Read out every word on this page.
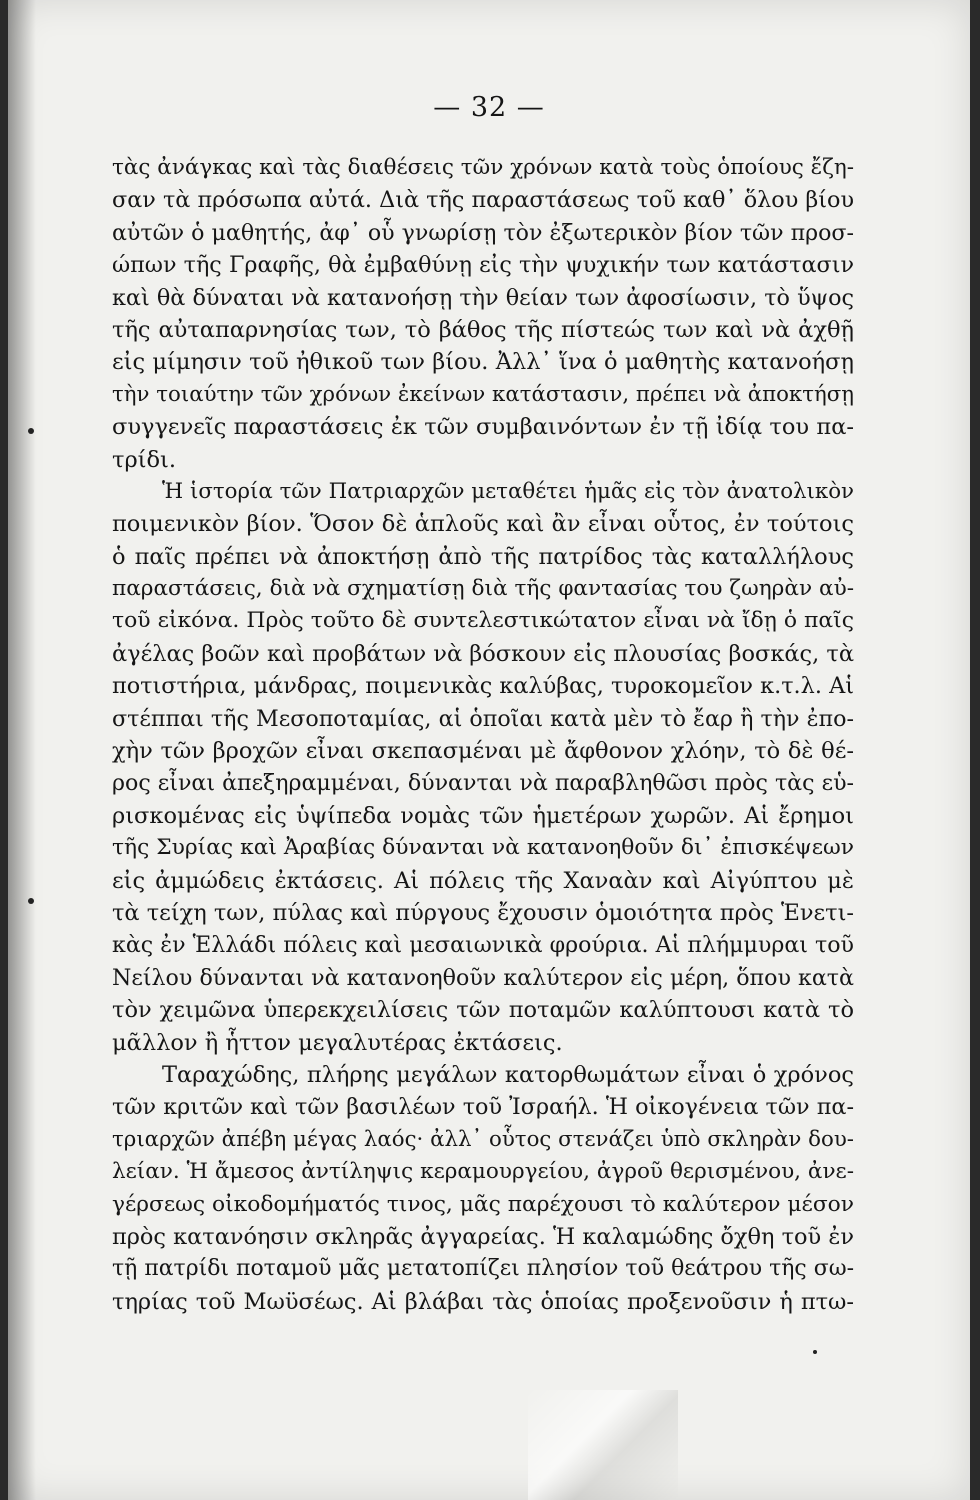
— 32 —
τὰς ἀνάγκας καὶ τὰς διαθέσεις τῶν χρόνων κατὰ τοὺς ὁποίους ἔζη-
σαν τὰ πρόσωπα αὐτά. Διὰ τῆς παραστάσεως τοῦ καθ᾽ ὅλου βίου
αὐτῶν ὁ μαθητής, ἀφ᾽ οὗ γνωρίσῃ τὸν ἐξωτερικὸν βίον τῶν προσ-
ώπων τῆς Γραφῆς, θὰ ἐμβαθύνῃ εἰς τὴν ψυχικήν των κατάστασιν
καὶ θὰ δύναται νὰ κατανοήσῃ τὴν θείαν των ἀφοσίωσιν, τὸ ὕψος
τῆς αὐταπαρνησίας των, τὸ βάθος τῆς πίστεώς των καὶ νὰ ἀχθῇ
εἰς μίμησιν τοῦ ἠθικοῦ των βίου. Ἀλλ᾽ ἵνα ὁ μαθητὴς κατανοήσῃ
τὴν τοιαύτην τῶν χρόνων ἐκείνων κατάστασιν, πρέπει νὰ ἀποκτήσῃ
συγγενεῖς παραστάσεις ἐκ τῶν συμβαινόντων ἐν τῇ ἰδίᾳ του πα-
τρίδι.
Ἡ ἱστορία τῶν Πατριαρχῶν μεταθέτει ἡμᾶς εἰς τὸν ἀνατολικὸν
ποιμενικὸν βίον. Ὅσον δὲ ἁπλοῦς καὶ ἂν εἶναι οὗτος, ἐν τούτοις
ὁ παῖς πρέπει νὰ ἀποκτήσῃ ἀπὸ τῆς πατρίδος τὰς καταλλήλους
παραστάσεις, διὰ νὰ σχηματίσῃ διὰ τῆς φαντασίας του ζωηρὰν αὐ-
τοῦ εἰκόνα. Πρὸς τοῦτο δὲ συντελεστικώτατον εἶναι νὰ ἴδῃ ὁ παῖς
ἀγέλας βοῶν καὶ προβάτων νὰ βόσκουν εἰς πλουσίας βοσκάς, τὰ
ποτιστήρια, μάνδρας, ποιμενικὰς καλύβας, τυροκομεῖον κ.τ.λ. Αἱ
στέππαι τῆς Μεσοποταμίας, αἱ ὁποῖαι κατὰ μὲν τὸ ἔαρ ἢ τὴν ἐπο-
χὴν τῶν βροχῶν εἶναι σκεπασμέναι μὲ ἄφθονον χλόην, τὸ δὲ θέ-
ρος εἶναι ἀπεξηραμμέναι, δύνανται νὰ παραβληθῶσι πρὸς τὰς εὑ-
ρισκομένας εἰς ὑψίπεδα νομὰς τῶν ἡμετέρων χωρῶν. Αἱ ἔρημοι
τῆς Συρίας καὶ Ἀραβίας δύνανται νὰ κατανοηθοῦν δι᾽ ἐπισκέψεων
εἰς ἀμμώδεις ἐκτάσεις. Αἱ πόλεις τῆς Χαναὰν καὶ Αἰγύπτου μὲ
τὰ τείχη των, πύλας καὶ πύργους ἔχουσιν ὁμοιότητα πρὸς Ἑνετι-
κὰς ἐν Ἑλλάδι πόλεις καὶ μεσαιωνικὰ φρούρια. Αἱ πλήμμυραι τοῦ
Νείλου δύνανται νὰ κατανοηθοῦν καλύτερον εἰς μέρη, ὅπου κατὰ
τὸν χειμῶνα ὑπερεκχειλίσεις τῶν ποταμῶν καλύπτουσι κατὰ τὸ
μᾶλλον ἢ ἧττον μεγαλυτέρας ἐκτάσεις.
Ταραχώδης, πλήρης μεγάλων κατορθωμάτων εἶναι ὁ χρόνος
τῶν κριτῶν καὶ τῶν βασιλέων τοῦ Ἰσραήλ. Ἡ οἰκογένεια τῶν πα-
τριαρχῶν ἀπέβη μέγας λαός· ἀλλ᾽ οὗτος στενάζει ὑπὸ σκληρὰν δου-
λείαν. Ἡ ἄμεσος ἀντίληψις κεραμουργείου, ἀγροῦ θερισμένου, ἀνε-
γέρσεως οἰκοδομήματός τινος, μᾶς παρέχουσι τὸ καλύτερον μέσον
πρὸς κατανόησιν σκληρᾶς ἀγγαρείας. Ἡ καλαμώδης ὄχθη τοῦ ἐν
τῇ πατρίδι ποταμοῦ μᾶς μετατοπίζει πλησίον τοῦ θεάτρου τῆς σω-
τηρίας τοῦ Μωϋσέως. Αἱ βλάβαι τὰς ὁποίας προξενοῦσιν ἡ πτω-
